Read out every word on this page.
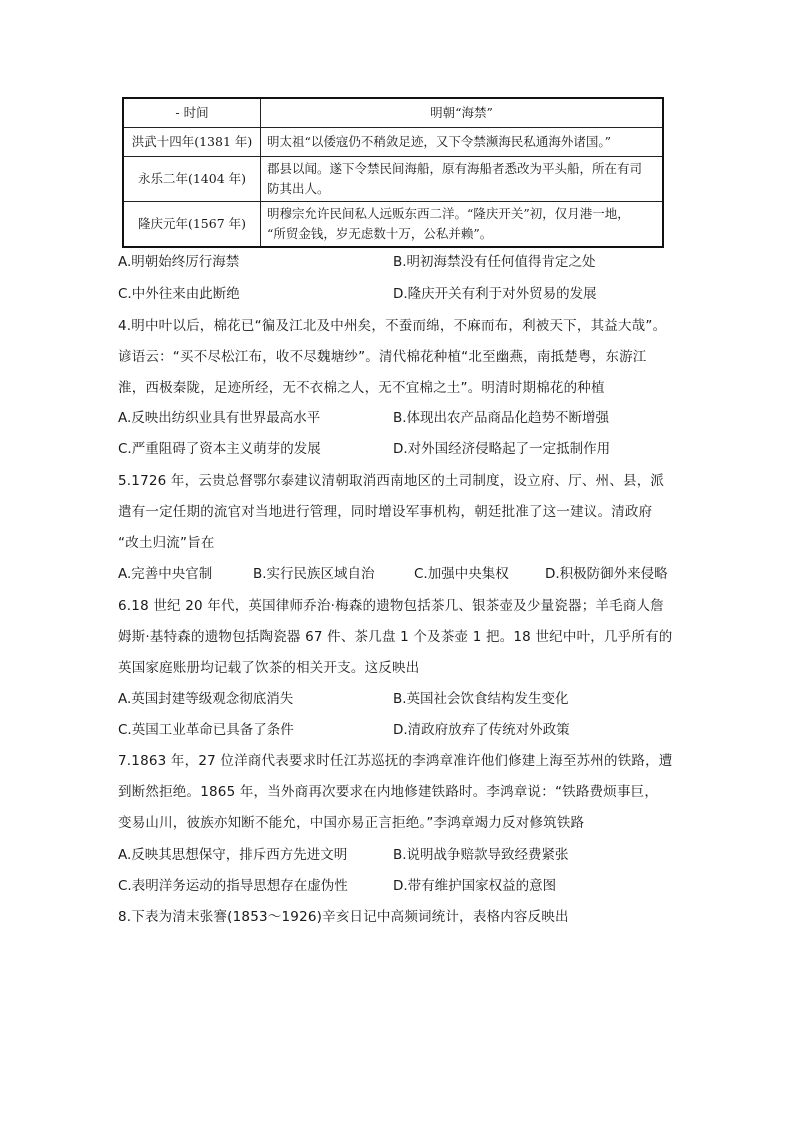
- 时间	明朝“海禁”
洪武十四年(1381 年)	明太祖“以倭寇仍不稍敛足迹，又下令禁濒海民私通海外诸国。”
永乐二年(1404 年)	郡县以闻。遂下令禁民间海船，原有海船者悉改为平头船，所在有司
防其出人。

隆庆元年(1567 年)	明穆宗允许民间私人远贩东西二洋。“隆庆开关”初，仅月港一地，
“所贸金钱，岁无虑数十万，公私并赖”。
A.明朝始终厉行海禁	B.明初海禁没有任何值得肯定之处
C.中外往来由此断绝	D.隆庆开关有利于对外贸易的发展
4.明中叶以后，棉花已“徧及江北及中州矣，不蚕而绵，不麻而布，利被天下，其益大哉”。
谚语云：“买不尽松江布，收不尽魏塘纱”。清代棉花种植“北至幽燕，南抵楚粤，东游江
淮，西极秦陇，足迹所经，无不衣棉之人，无不宜棉之土”。明清时期棉花的种植
A.反映出纺织业具有世界最高水平	B.体现出农产品商品化趋势不断增强
C.严重阻碍了资本主义萌芽的发展	D.对外国经济侵略起了一定抵制作用
5.1726 年，云贵总督鄂尔泰建议清朝取消西南地区的土司制度，设立府、厅、州、县，派
遣有一定任期的流官对当地进行管理，同时增设军事机构，朝廷批准了这一建议。清政府
“改土归流”旨在
A.完善中央官制	B.实行民族区域自治	C.加强中央集权	D.积极防御外来侵略
6.18 世纪 20 年代，英国律师乔治·梅森的遗物包括茶几、银茶壶及少量瓷器；羊毛商人詹
姆斯·基特森的遗物包括陶瓷器 67 件、茶几盘 1 个及茶壶 1 把。18 世纪中叶，几乎所有的
英国家庭账册均记载了饮茶的相关开支。这反映出
A.英国封建等级观念彻底消失	B.英国社会饮食结构发生变化
C.英国工业革命已具备了条件	D.清政府放弃了传统对外政策
7.1863 年，27 位洋商代表要求时任江苏巡抚的李鸿章准许他们修建上海至苏州的铁路，遭
到断然拒绝。1865 年，当外商再次要求在内地修建铁路时。李鸿章说：“铁路费烦事巨，
变易山川，彼族亦知断不能允，中国亦易正言拒绝。”李鸿章竭力反对修筑铁路
A.反映其思想保守，排斥西方先进文明	B.说明战争赔款导致经费紧张
C.表明洋务运动的指导思想存在虚伪性	D.带有维护国家权益的意图
8.下表为清末张謇(1853～1926)辛亥日记中高频词统计，表格内容反映出
